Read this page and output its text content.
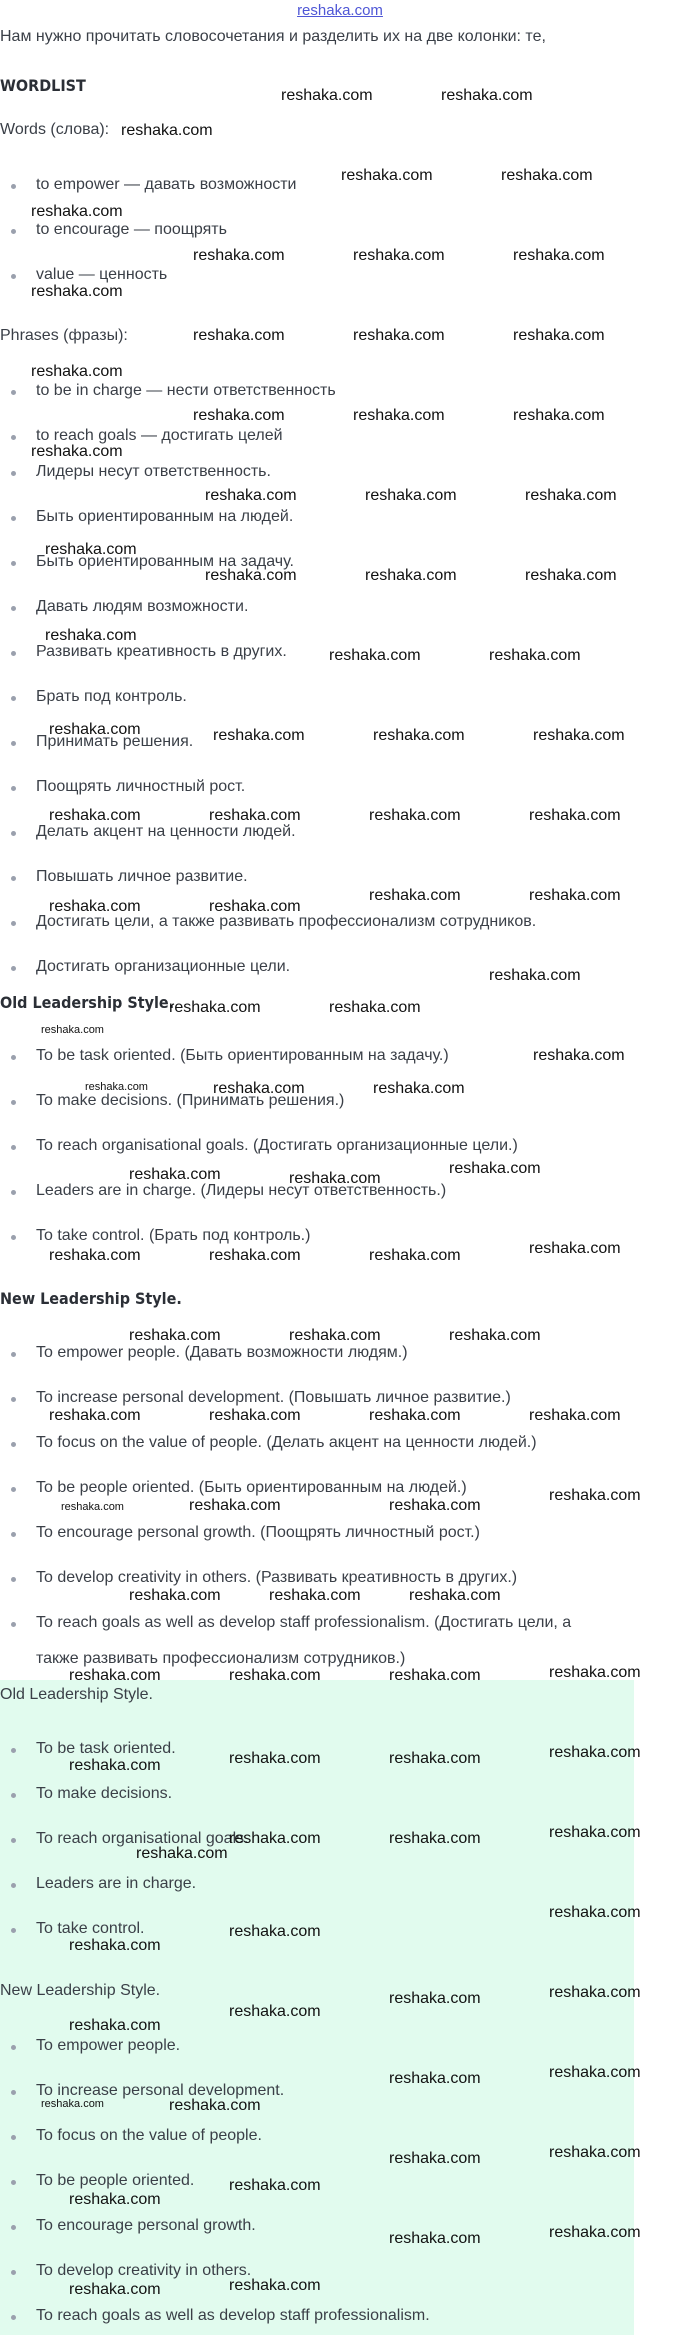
reshaka.com
Нам нужно прочитать словосочетания и разделить их на две колонки: те,
WORDLIST
Words (слова):
to empower — давать возможности
to encourage — поощрять
value — ценность
Phrases (фразы):
to be in charge — нести ответственность
to reach goals — достигать целей
Лидеры несут ответственность.
Быть ориентированным на людей.
Быть ориентированным на задачу.
Давать людям возможности.
Развивать креативность в других.
Брать под контроль.
Принимать решения.
Поощрять личностный рост.
Делать акцент на ценности людей.
Повышать личное развитие.
Достигать цели, а также развивать профессионализм сотрудников.
Достигать организационные цели.
Old Leadership Style.
To be task oriented. (Быть ориентированным на задачу.)
To make decisions. (Принимать решения.)
To reach organisational goals. (Достигать организационные цели.)
Leaders are in charge. (Лидеры несут ответственность.)
To take control. (Брать под контроль.)
New Leadership Style.
To empower people. (Давать возможности людям.)
To increase personal development. (Повышать личное развитие.)
To focus on the value of people. (Делать акцент на ценности людей.)
To be people oriented. (Быть ориентированным на людей.)
To encourage personal growth. (Поощрять личностный рост.)
To develop creativity in others. (Развивать креативность в других.)
To reach goals as well as develop staff professionalism. (Достигать цели, а
также развивать профессионализм сотрудников.)
Old Leadership Style.
To be task oriented.
To make decisions.
To reach organisational goals.
Leaders are in charge.
To take control.
New Leadership Style.
To empower people.
To increase personal development.
To focus on the value of people.
To be people oriented.
To encourage personal growth.
To develop creativity in others.
To reach goals as well as develop staff professionalism.
reshaka.com	reshaka.com
reshaka.com
reshaka.com	reshaka.com
reshaka.com
reshaka.com	reshaka.com	reshaka.com
reshaka.com
reshaka.com	reshaka.com	reshaka.com
reshaka.com
reshaka.com	reshaka.com	reshaka.com
reshaka.com
reshaka.com	reshaka.com	reshaka.com
reshaka.com
reshaka.com	reshaka.com	reshaka.com
reshaka.com
reshaka.com	reshaka.com
reshaka.com	reshaka.com	reshaka.com	reshaka.com
reshaka.com	reshaka.com	reshaka.com	reshaka.com
reshaka.com	reshaka.com
reshaka.com	reshaka.com
reshaka.com
reshaka.com	reshaka.com
reshaka.com
reshaka.com
reshaka.com	reshaka.com	reshaka.com
reshaka.com
reshaka.com	reshaka.com
reshaka.com
reshaka.com	reshaka.com	reshaka.com
reshaka.com	reshaka.com	reshaka.com
reshaka.com	reshaka.com	reshaka.com	reshaka.com
reshaka.com
reshaka.com	reshaka.com	reshaka.com
reshaka.com	reshaka.com	reshaka.com
reshaka.com
reshaka.com	reshaka.com	reshaka.com
reshaka.com
reshaka.com	reshaka.com	reshaka.com
reshaka.com	reshaka.com	reshaka.com
reshaka.com
reshaka.com
reshaka.com
reshaka.com
reshaka.com	reshaka.com
reshaka.com
reshaka.com
reshaka.com	reshaka.com
reshaka.com	reshaka.com
reshaka.com	reshaka.com
reshaka.com
reshaka.com
reshaka.com	reshaka.com
reshaka.com
reshaka.com
